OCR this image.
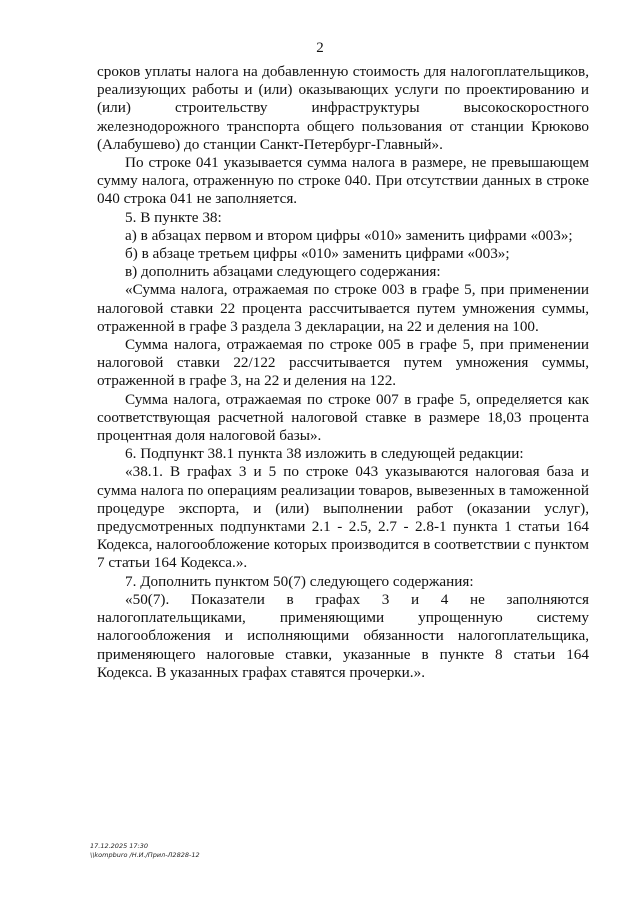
2

сроков уплаты налога на добавленную стоимость для налогоплательщиков, реализующих работы и (или) оказывающих услуги по проектированию и (или) строительству инфраструктуры высокоскоростного железнодорожного транспорта общего пользования от станции Крюково (Алабушево) до станции Санкт-Петербург-Главный».

По строке 041 указывается сумма налога в размере, не превышающем сумму налога, отраженную по строке 040. При отсутствии данных в строке 040 строка 041 не заполняется.

5. В пункте 38:

а) в абзацах первом и втором цифры «010» заменить цифрами «003»;

б) в абзаце третьем цифры «010» заменить цифрами «003»;

в) дополнить абзацами следующего содержания:

«Сумма налога, отражаемая по строке 003 в графе 5, при применении налоговой ставки 22 процента рассчитывается путем умножения суммы, отраженной в графе 3 раздела 3 декларации, на 22 и деления на 100.

Сумма налога, отражаемая по строке 005 в графе 5, при применении налоговой ставки 22/122 рассчитывается путем умножения суммы, отраженной в графе 3, на 22 и деления на 122.

Сумма налога, отражаемая по строке 007 в графе 5, определяется как соответствующая расчетной налоговой ставке в размере 18,03 процента процентная доля налоговой базы».

6. Подпункт 38.1 пункта 38 изложить в следующей редакции:

«38.1. В графах 3 и 5 по строке 043 указываются налоговая база и сумма налога по операциям реализации товаров, вывезенных в таможенной процедуре экспорта, и (или) выполнении работ (оказании услуг), предусмотренных подпунктами 2.1 - 2.5, 2.7 - 2.8-1 пункта 1 статьи 164 Кодекса, налогообложение которых производится в соответствии с пунктом 7 статьи 164 Кодекса.».

7. Дополнить пунктом 50(7) следующего содержания:

«50(7). Показатели в графах 3 и 4 не заполняются налогоплательщиками, применяющими упрощенную систему налогообложения и исполняющими обязанности налогоплательщика, применяющего налоговые ставки, указанные в пункте 8 статьи 164 Кодекса. В указанных графах ставятся прочерки.».

17.12.2025 17:30
\\kompburo /Н.И./Прил-Л2828-12
